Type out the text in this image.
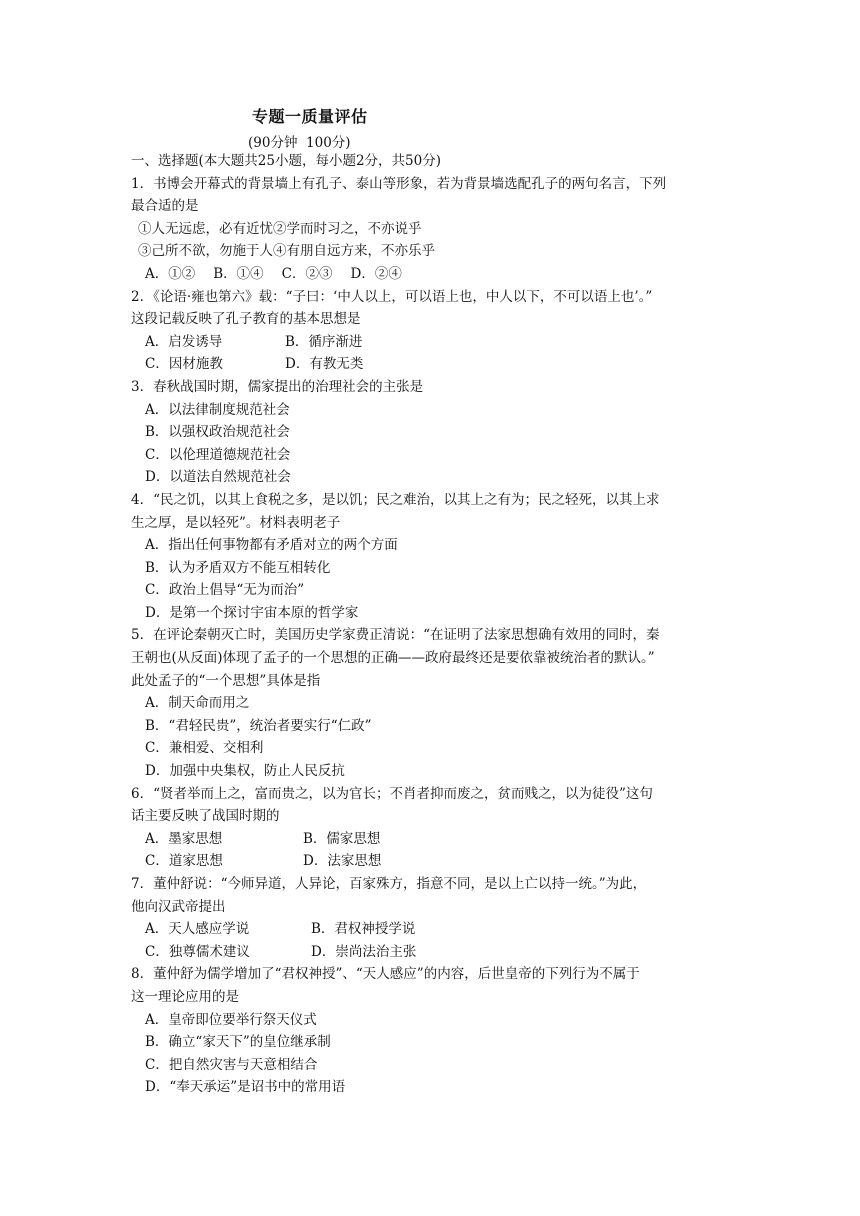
专题一质量评估
(90分钟  100分)
一、选择题(本大题共25小题，每小题2分，共50分)
1．书博会开幕式的背景墙上有孔子、泰山等形象，若为背景墙选配孔子的两句名言，下列
最合适的是
①人无远虑，必有近忧②学而时习之，不亦说乎
③己所不欲，勿施于人④有朋自远方来，不亦乐乎
A．①② B．①④ C．②③ D．②④
2．《论语·雍也第六》载：“子曰：‘中人以上，可以语上也，中人以下，不可以语上也’。”
这段记载反映了孔子教育的基本思想是
A．启发诱导	B．循序渐进
C．因材施教	D．有教无类
3．春秋战国时期，儒家提出的治理社会的主张是
A．以法律制度规范社会
B．以强权政治规范社会
C．以伦理道德规范社会
D．以道法自然规范社会
4．“民之饥，以其上食税之多，是以饥；民之难治，以其上之有为；民之轻死，以其上求
生之厚，是以轻死”。材料表明老子
A．指出任何事物都有矛盾对立的两个方面
B．认为矛盾双方不能互相转化
C．政治上倡导“无为而治”
D．是第一个探讨宇宙本原的哲学家
5．在评论秦朝灭亡时，美国历史学家费正清说：“在证明了法家思想确有效用的同时，秦
王朝也(从反面)体现了孟子的一个思想的正确——政府最终还是要依靠被统治者的默认。”
此处孟子的“一个思想”具体是指
A．制天命而用之
B．“君轻民贵”，统治者要实行“仁政”
C．兼相爱、交相利
D．加强中央集权，防止人民反抗
6．“贤者举而上之，富而贵之，以为官长；不肖者抑而废之，贫而贱之，以为徒役”这句
话主要反映了战国时期的
A．墨家思想	B．儒家思想
C．道家思想	D．法家思想
7．董仲舒说：“今师异道，人异论，百家殊方，指意不同，是以上亡以持一统。”为此，
他向汉武帝提出
A．天人感应学说	B．君权神授学说
C．独尊儒术建议	D．崇尚法治主张
8．董仲舒为儒学增加了“君权神授”、“天人感应”的内容，后世皇帝的下列行为不属于
这一理论应用的是
A．皇帝即位要举行祭天仪式
B．确立“家天下”的皇位继承制
C．把自然灾害与天意相结合
D．“奉天承运”是诏书中的常用语
